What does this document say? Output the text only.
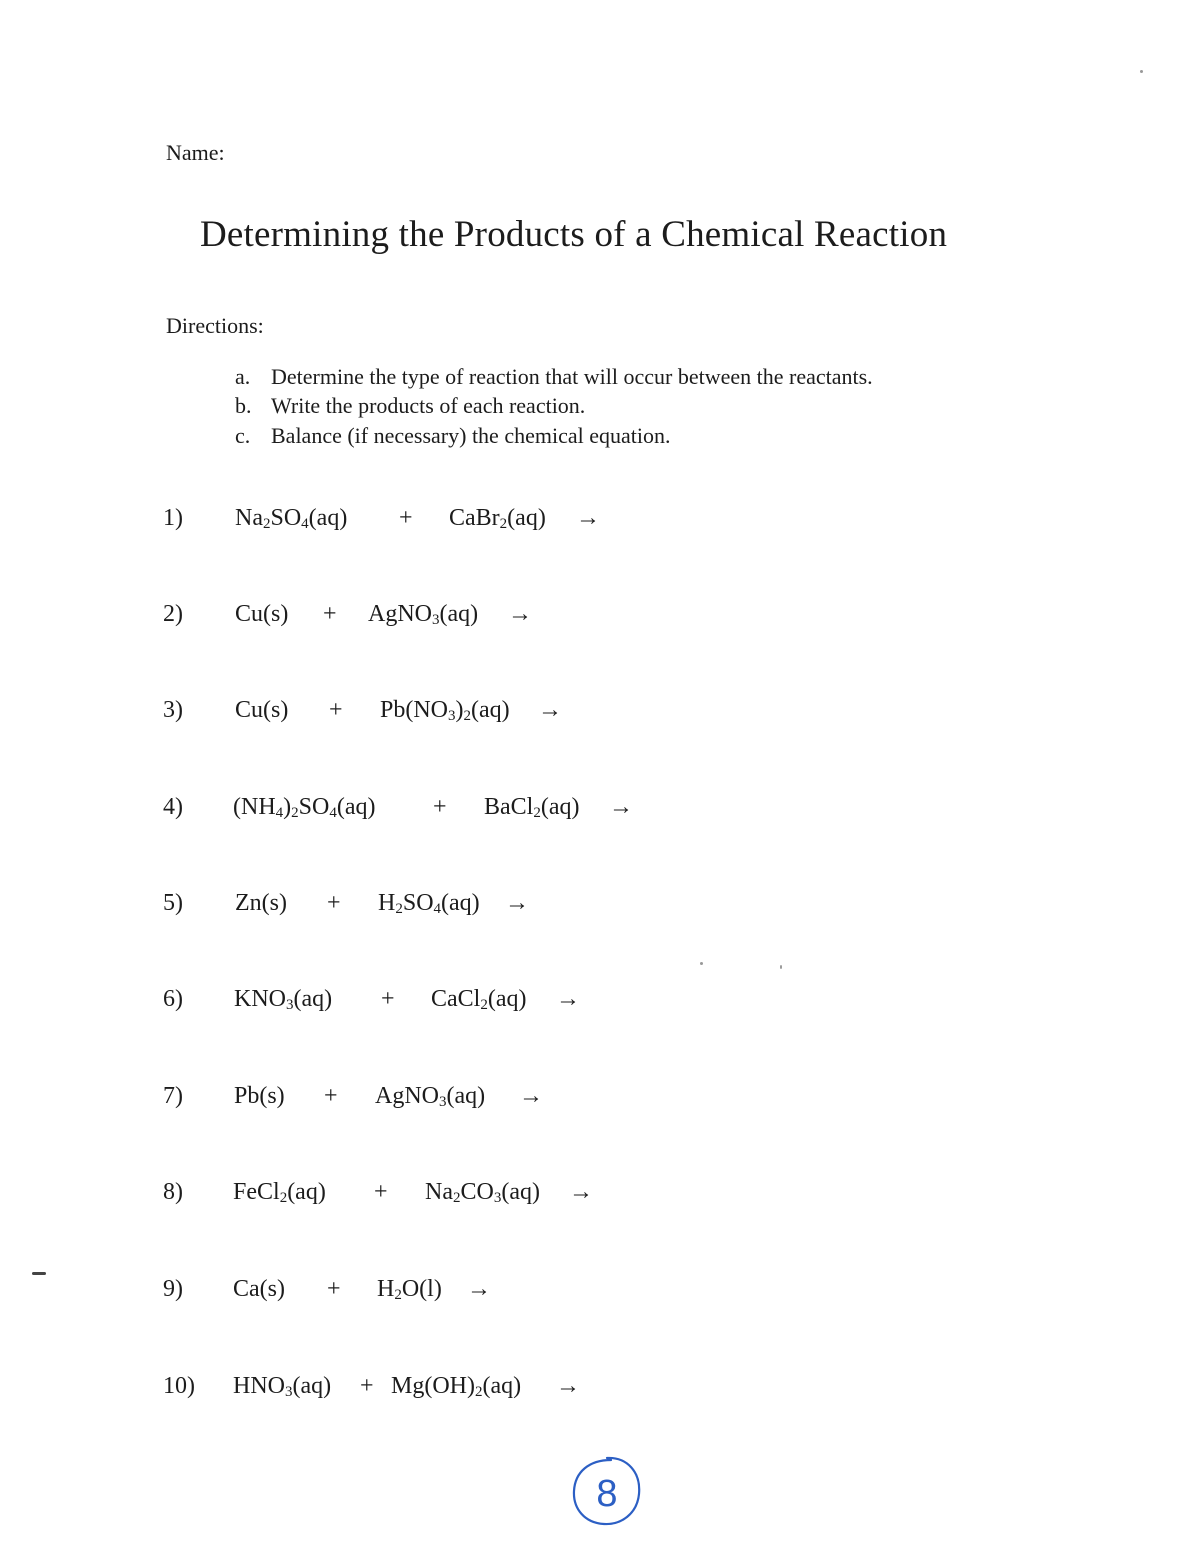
Name:
Determining the Products of a Chemical Reaction
Directions:
a. Determine the type of reaction that will occur between the reactants.
b. Write the products of each reaction.
c. Balance (if necessary) the chemical equation.
1) $Na_2SO_4(aq)$ + CaBr$_2$(aq) →
2) Cu(s) + AgNO$_3$(aq) →
3) $Cu(s) + Pb(NO_3)_2(aq)$ →
4) $(NH_4)_2SO_4(aq)$ + BaCl$_2$(aq) →
5) $Zn(s) + H_2SO_4(aq)$ →
6) $KNO_3(aq)$ + CaCl$_2$(aq) →
7) Pb(s) + AgNO$_3$(aq) →
8) FeCl$_2$(aq) + $Na_2CO_3(aq)$ →
9) $Ca(s) + H_2O(l)$ →
10) $HNO_3(aq) + Mg(OH)_2(aq)$ →
8
